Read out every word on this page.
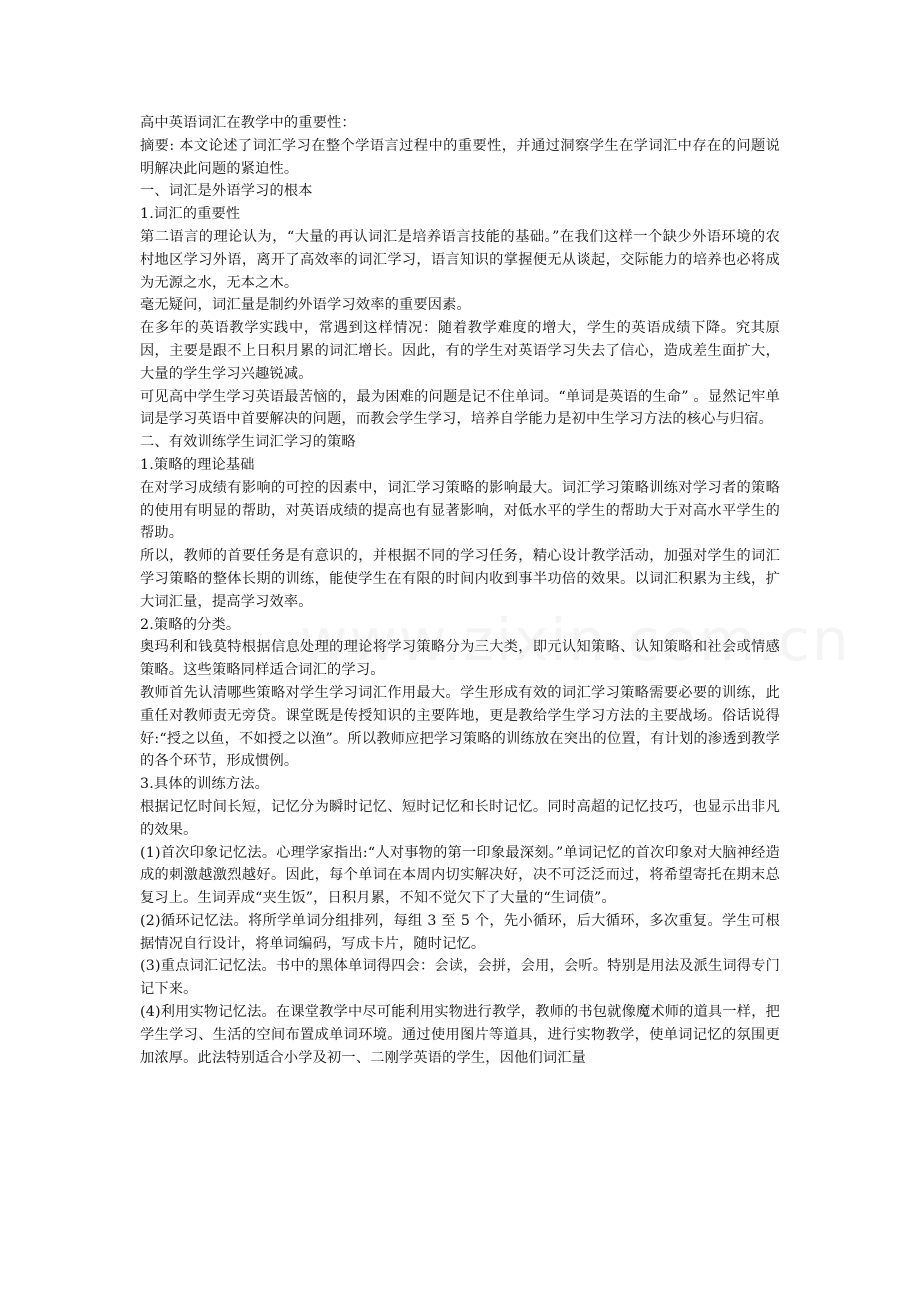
高中英语词汇在教学中的重要性：

摘要: 本文论述了词汇学习在整个学语言过程中的重要性，并通过洞察学生在学词汇中存在的问题说明解决此问题的紧迫性。

一、词汇是外语学习的根本

1.词汇的重要性

第二语言的理论认为，“大量的再认词汇是培养语言技能的基础。”在我们这样一个缺少外语环境的农村地区学习外语，离开了高效率的词汇学习，语言知识的掌握便无从谈起，交际能力的培养也必将成为无源之水，无本之木。

毫无疑问，词汇量是制约外语学习效率的重要因素。

在多年的英语教学实践中，常遇到这样情况：随着教学难度的增大，学生的英语成绩下降。究其原因，主要是跟不上日积月累的词汇增长。因此，有的学生对英语学习失去了信心，造成差生面扩大，大量的学生学习兴趣锐减。

可见高中学生学习英语最苦恼的，最为困难的问题是记不住单词。“单词是英语的生命” 。显然记牢单词是学习英语中首要解决的问题，而教会学生学习，培养自学能力是初中生学习方法的核心与归宿。

二、有效训练学生词汇学习的策略

1.策略的理论基础

在对学习成绩有影响的可控的因素中，词汇学习策略的影响最大。词汇学习策略训练对学习者的策略的使用有明显的帮助，对英语成绩的提高也有显著影响，对低水平的学生的帮助大于对高水平学生的帮助。

所以，教师的首要任务是有意识的，并根据不同的学习任务，精心设计教学活动，加强对学生的词汇学习策略的整体长期的训练，能使学生在有限的时间内收到事半功倍的效果。以词汇积累为主线，扩大词汇量，提高学习效率。

2.策略的分类。

奥玛利和钱莫特根据信息处理的理论将学习策略分为三大类，即元认知策略、认知策略和社会或情感策略。这些策略同样适合词汇的学习。

教师首先认清哪些策略对学生学习词汇作用最大。学生形成有效的词汇学习策略需要必要的训练，此重任对教师责无旁贷。课堂既是传授知识的主要阵地，更是教给学生学习方法的主要战场。俗话说得好:“授之以鱼，不如授之以渔”。所以教师应把学习策略的训练放在突出的位置，有计划的渗透到教学的各个环节，形成惯例。

3.具体的训练方法。

根据记忆时间长短，记忆分为瞬时记忆、短时记忆和长时记忆。同时高超的记忆技巧，也显示出非凡的效果。

(1)首次印象记忆法。心理学家指出:“人对事物的第一印象最深刻。”单词记忆的首次印象对大脑神经造成的刺激越激烈越好。因此，每个单词在本周内切实解决好，决不可泛泛而过，将希望寄托在期末总复习上。生词弄成“夹生饭”，日积月累，不知不觉欠下了大量的“生词债”。

(2)循环记忆法。将所学单词分组排列，每组 3 至 5 个，先小循环，后大循环，多次重复。学生可根据情况自行设计，将单词编码，写成卡片，随时记忆。

(3)重点词汇记忆法。书中的黑体单词得四会：会读，会拼，会用，会听。特别是用法及派生词得专门记下来。

(4)利用实物记忆法。在课堂教学中尽可能利用实物进行教学，教师的书包就像魔术师的道具一样，把学生学习、生活的空间布置成单词环境。通过使用图片等道具，进行实物教学，使单词记忆的氛围更加浓厚。此法特别适合小学及初一、二刚学英语的学生，因他们词汇量
